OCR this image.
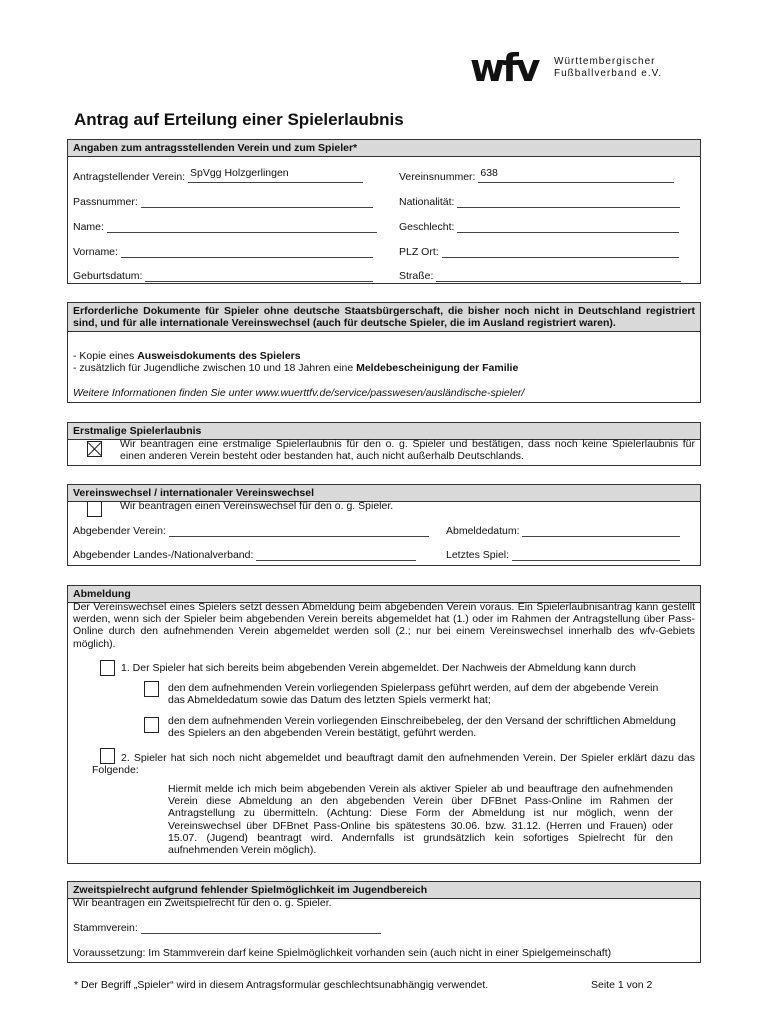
wfv Württembergischer
Fußballverband e.V.
Antrag auf Erteilung einer Spielerlaubnis
Angaben zum antragsstellenden Verein und zum Spieler*
Antragstellender Verein: SpVgg Holzgerlingen	Vereinsnummer: 638
Passnummer:	Nationalität:
Name:	Geschlecht:
Vorname:	PLZ Ort:
Geburtsdatum:	Straße:
Erforderliche Dokumente für Spieler ohne deutsche Staatsbürgerschaft, die bisher noch nicht in Deutschland registriert sind, und für alle internationale Vereinswechsel (auch für deutsche Spieler, die im Ausland registriert waren).
- Kopie eines Ausweisdokuments des Spielers
- zusätzlich für Jugendliche zwischen 10 und 18 Jahren eine Meldebescheinigung der Familie
Weitere Informationen finden Sie unter www.wuerttfv.de/service/passwesen/ausländische-spieler/
Erstmalige Spielerlaubnis
Wir beantragen eine erstmalige Spielerlaubnis für den o. g. Spieler und bestätigen, dass noch keine Spielerlaubnis für einen anderen Verein besteht oder bestanden hat, auch nicht außerhalb Deutschlands.
Vereinswechsel / internationaler Vereinswechsel
Wir beantragen einen Vereinswechsel für den o. g. Spieler.
Abgebender Verein:	Abmeldedatum:
Abgebender Landes-/Nationalverband:	Letztes Spiel:
Abmeldung
Der Vereinswechsel eines Spielers setzt dessen Abmeldung beim abgebenden Verein voraus. Ein Spielerlaubnisantrag kann gestellt werden, wenn sich der Spieler beim abgebenden Verein bereits abgemeldet hat (1.) oder im Rahmen der Antragstellung über Pass-Online durch den aufnehmenden Verein abgemeldet werden soll (2.; nur bei einem Vereinswechsel innerhalb des wfv-Gebiets möglich).
1. Der Spieler hat sich bereits beim abgebenden Verein abgemeldet. Der Nachweis der Abmeldung kann durch
den dem aufnehmenden Verein vorliegenden Spielerpass geführt werden, auf dem der abgebende Verein das Abmeldedatum sowie das Datum des letzten Spiels vermerkt hat;
den dem aufnehmenden Verein vorliegenden Einschreibebeleg, der den Versand der schriftlichen Abmeldung des Spielers an den abgebenden Verein bestätigt, geführt werden.
2. Spieler hat sich noch nicht abgemeldet und beauftragt damit den aufnehmenden Verein. Der Spieler erklärt dazu das Folgende:
Hiermit melde ich mich beim abgebenden Verein als aktiver Spieler ab und beauftrage den aufnehmenden Verein diese Abmeldung an den abgebenden Verein über DFBnet Pass-Online im Rahmen der Antragstellung zu übermitteln. (Achtung: Diese Form der Abmeldung ist nur möglich, wenn der Vereinswechsel über DFBnet Pass-Online bis spätestens 30.06. bzw. 31.12. (Herren und Frauen) oder 15.07. (Jugend) beantragt wird. Andernfalls ist grundsätzlich kein sofortiges Spielrecht für den aufnehmenden Verein möglich).
Zweitspielrecht aufgrund fehlender Spielmöglichkeit im Jugendbereich
Wir beantragen ein Zweitspielrecht für den o. g. Spieler.
Stammverein:
Voraussetzung: Im Stammverein darf keine Spielmöglichkeit vorhanden sein (auch nicht in einer Spielgemeinschaft)
* Der Begriff „Spieler“ wird in diesem Antragsformular geschlechtsunabhängig verwendet.	Seite 1 von 2
